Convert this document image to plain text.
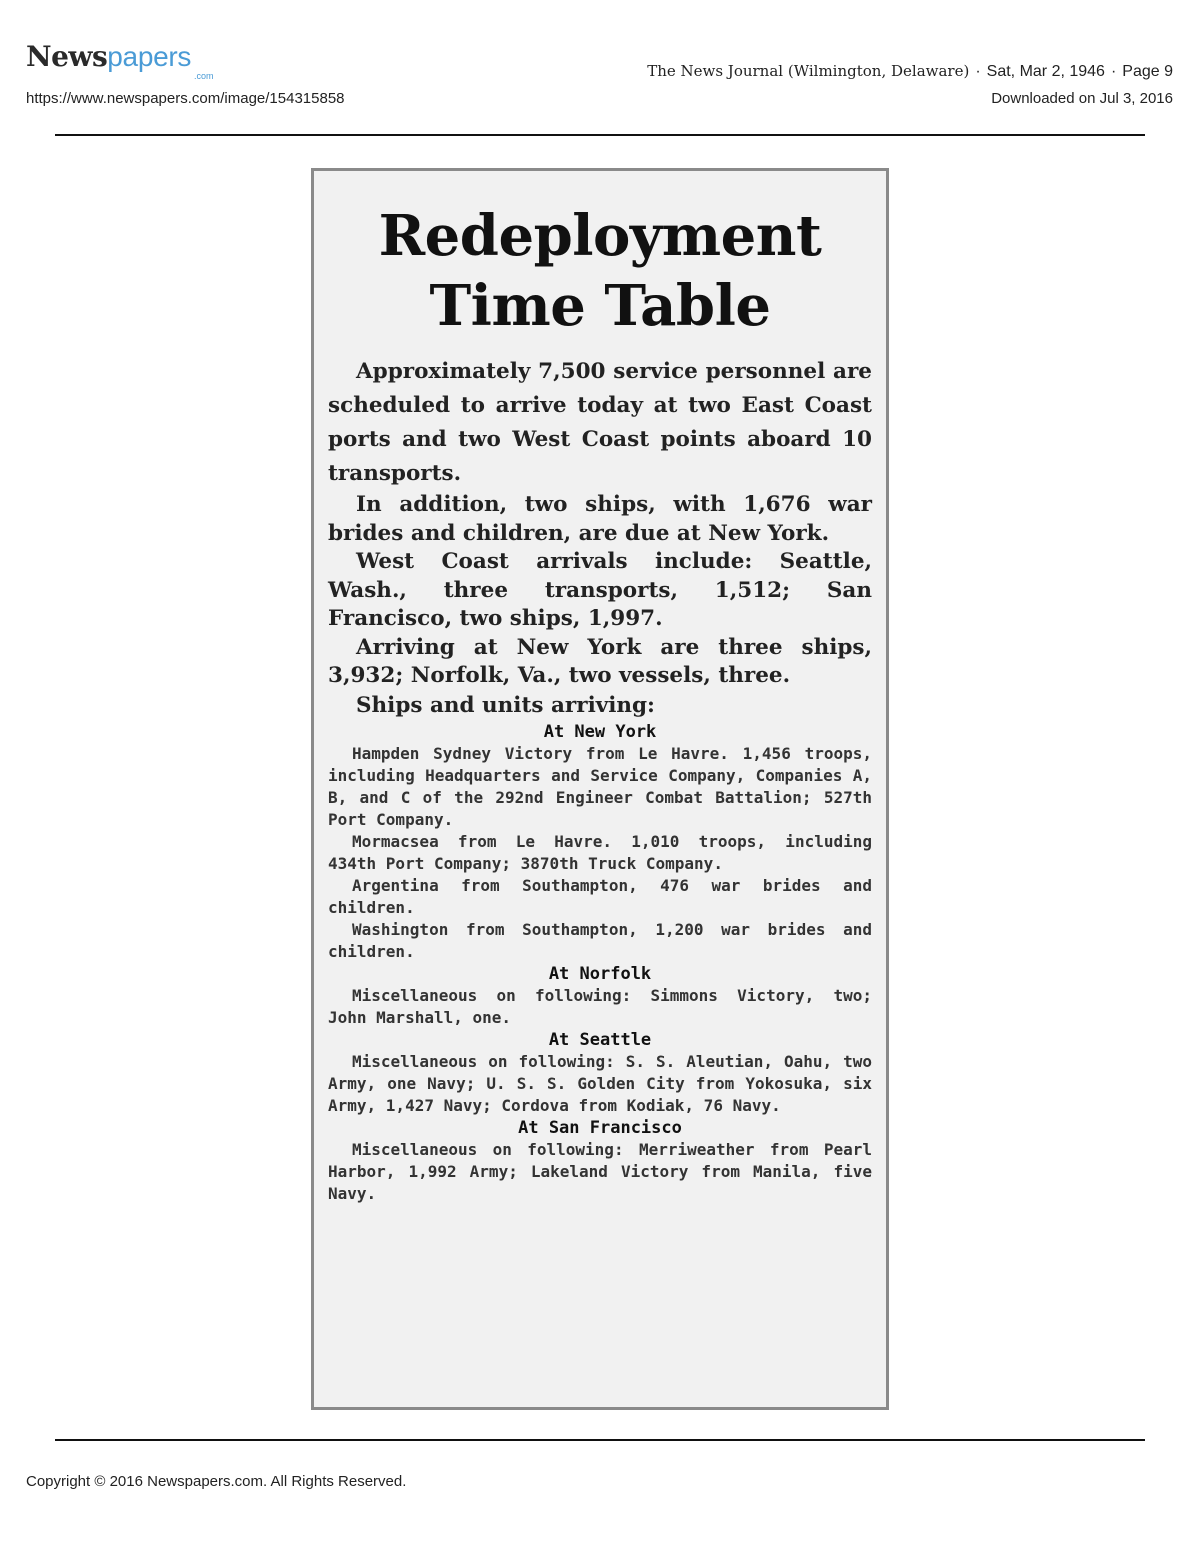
Newspapers
.com
https://www.newspapers.com/image/154315858
The News Journal (Wilmington, Delaware) · Sat, Mar 2, 1946 · Page 9
Downloaded on Jul 3, 2016
Redeployment
Time Table

Approximately 7,500 service personnel are scheduled to arrive today at two East Coast ports and two West Coast points aboard 10 transports.

In addition, two ships, with 1,676 war brides and children, are due at New York.

West Coast arrivals include: Seattle, Wash., three transports, 1,512; San Francisco, two ships, 1,997.

Arriving at New York are three ships, 3,932; Norfolk, Va., two vessels, three.

Ships and units arriving:

At New York

Hampden Sydney Victory from Le Havre. 1,456 troops, including Headquarters and Service Company, Companies A, B, and C of the 292nd Engineer Combat Battalion; 527th Port Company.

Mormacsea from Le Havre. 1,010 troops, including 434th Port Company; 3870th Truck Company.

Argentina from Southampton, 476 war brides and children.

Washington from Southampton, 1,200 war brides and children.

At Norfolk

Miscellaneous on following: Simmons Victory, two; John Marshall, one.

At Seattle

Miscellaneous on following: S. S. Aleutian, Oahu, two Army, one Navy; U. S. S. Golden City from Yokosuka, six Army, 1,427 Navy; Cordova from Kodiak, 76 Navy.

At San Francisco

Miscellaneous on following: Merriweather from Pearl Harbor, 1,992 Army; Lakeland Victory from Manila, five Navy.

Copyright © 2016 Newspapers.com. All Rights Reserved.
